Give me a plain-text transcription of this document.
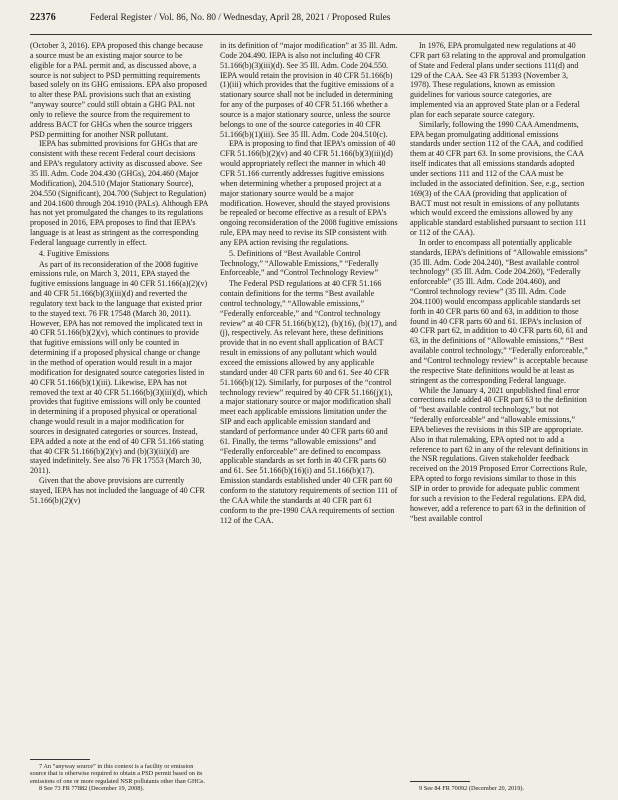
22376	Federal Register / Vol. 86, No. 80 / Wednesday, April 28, 2021 / Proposed Rules

(October 3, 2016). EPA proposed this change because a source must be an existing major source to be eligible for a PAL permit and, as discussed above, a source is not subject to PSD permitting requirements based solely on its GHG emissions. EPA also proposed to alter these PAL provisions such that an existing “anyway source” could still obtain a GHG PAL not only to relieve the source from the requirement to address BACT for GHGs when the source triggers PSD permitting for another NSR pollutant.

IEPA has submitted provisions for GHGs that are consistent with these recent Federal court decisions and EPA’s regulatory activity as discussed above. See 35 Ill. Adm. Code 204.430 (GHGs), 204.460 (Major Modification), 204.510 (Major Stationary Source), 204.550 (Significant), 204.700 (Subject to Regulation) and 204.1600 through 204.1910 (PALs). Although EPA has not yet promulgated the changes to its regulations proposed in 2016, EPA proposes to find that IEPA’s language is at least as stringent as the corresponding Federal language currently in effect.

4. Fugitive Emissions

As part of its reconsideration of the 2008 fugitive emissions rule, on March 3, 2011, EPA stayed the fugitive emissions language in 40 CFR 51.166(a)(2)(v) and 40 CFR 51.166(b)(3)(iii)(d) and reverted the regulatory text back to the language that existed prior to the stayed text. 76 FR 17548 (March 30, 2011). However, EPA has not removed the implicated text in 40 CFR 51.166(b)(2)(v), which continues to provide that fugitive emissions will only be counted in determining if a proposed physical change or change in the method of operation would result in a major modification for designated source categories listed in 40 CFR 51.166(b)(1)(iii). Likewise, EPA has not removed the text at 40 CFR 51.166(b)(3)(iii)(d), which provides that fugitive emissions will only be counted in determining if a proposed physical or operational change would result in a major modification for sources in designated categories or sources. Instead, EPA added a note at the end of 40 CFR 51.166 stating that 40 CFR 51.166(b)(2)(v) and (b)(3)(iii)(d) are stayed indefinitely. See also 76 FR 17553 (March 30, 2011).

Given that the above provisions are currently stayed, IEPA has not included the language of 40 CFR 51.166(b)(2)(v)

7 An “anyway source” in this context is a facility or emission source that is otherwise required to obtain a PSD permit based on its emissions of one or more regulated NSR pollutants other than GHGs.

8 See 73 FR 77882 (December 19, 2008).

in its definition of “major modification” at 35 Ill. Adm. Code 204.490. IEPA is also not including 40 CFR 51.166(b)(3)(iii)(d). See 35 Ill. Adm. Code 204.550. IEPA would retain the provision in 40 CFR 51.166(b)(1)(iii) which provides that the fugitive emissions of a stationary source shall not be included in determining for any of the purposes of 40 CFR 51.166 whether a source is a major stationary source, unless the source belongs to one of the source categories in 40 CFR 51.166(b)(1)(iii). See 35 Ill. Adm. Code 204.510(c).

EPA is proposing to find that IEPA’s omission of 40 CFR 51.166(b)(2)(v) and 40 CFR 51.166(b)(3)(iii)(d) would appropriately reflect the manner in which 40 CFR 51.166 currently addresses fugitive emissions when determining whether a proposed project at a major stationary source would be a major modification. However, should the stayed provisions be repealed or become effective as a result of EPA’s ongoing reconsideration of the 2008 fugitive emissions rule, EPA may need to revise its SIP consistent with any EPA action revising the regulations.

5. Definitions of “Best Available Control Technology,” “Allowable Emissions,” “Federally Enforceable,” and “Control Technology Review”

The Federal PSD regulations at 40 CFR 51.166 contain definitions for the terms “Best available control technology,” “Allowable emissions,” “Federally enforceable,” and “Control technology review” at 40 CFR 51.166(b)(12), (b)(16), (b)(17), and (j), respectively. As relevant here, these definitions provide that in no event shall application of BACT result in emissions of any pollutant which would exceed the emissions allowed by any applicable standard under 40 CFR parts 60 and 61. See 40 CFR 51.166(b)(12). Similarly, for purposes of the “control technology review” required by 40 CFR 51.166(j)(1), a major stationary source or major modification shall meet each applicable emissions limitation under the SIP and each applicable emission standard and standard of performance under 40 CFR parts 60 and 61. Finally, the terms “allowable emissions” and “Federally enforceable” are defined to encompass applicable standards as set forth in 40 CFR parts 60 and 61. See 51.166(b)(16)(i) and 51.166(b)(17). Emission standards established under 40 CFR part 60 conform to the statutory requirements of section 111 of the CAA while the standards at 40 CFR part 61 conform to the pre-1990 CAA requirements of section 112 of the CAA.

In 1976, EPA promulgated new regulations at 40 CFR part 63 relating to the approval and promulgation of State and Federal plans under sections 111(d) and 129 of the CAA. See 43 FR 51393 (November 3, 1978). These regulations, known as emission guidelines for various source categories, are implemented via an approved State plan or a Federal plan for each separate source category.

Similarly, following the 1990 CAA Amendments, EPA began promulgating additional emissions standards under section 112 of the CAA, and codified them at 40 CFR part 63. In some provisions, the CAA itself indicates that all emissions standards adopted under sections 111 and 112 of the CAA must be included in the associated definition. See, e.g., section 169(3) of the CAA (providing that application of BACT must not result in emissions of any pollutants which would exceed the emissions allowed by any applicable standard established pursuant to section 111 or 112 of the CAA).

In order to encompass all potentially applicable standards, IEPA’s definitions of “Allowable emissions” (35 Ill. Adm. Code 204.240), “Best available control technology” (35 Ill. Adm. Code 204.260), “Federally enforceable” (35 Ill. Adm. Code 204.460), and “Control technology review” (35 Ill. Adm. Code 204.1100) would encompass applicable standards set forth in 40 CFR parts 60 and 63, in addition to those found in 40 CFR parts 60 and 61. IEPA’s inclusion of 40 CFR part 62, in addition to 40 CFR parts 60, 61 and 63, in the definitions of “Allowable emissions,” “Best available control technology,” “Federally enforceable,” and “Control technology review” is acceptable because the respective State definitions would be at least as stringent as the corresponding Federal language.

While the January 4, 2021 unpublished final error corrections rule added 40 CFR part 63 to the definition of “best available control technology,” but not “federally enforceable” and “allowable emissions,” EPA believes the revisions in this SIP are appropriate. Also in that rulemaking, EPA opted not to add a reference to part 62 in any of the relevant definitions in the NSR regulations. Given stakeholder feedback received on the 2019 Proposed Error Corrections Rule, EPA opted to forgo revisions similar to those in this SIP in order to provide for adequate public comment for such a revision to the Federal regulations. EPA did, however, add a reference to part 63 in the definition of “best available control

9 See 84 FR 70092 (December 20, 2019).
